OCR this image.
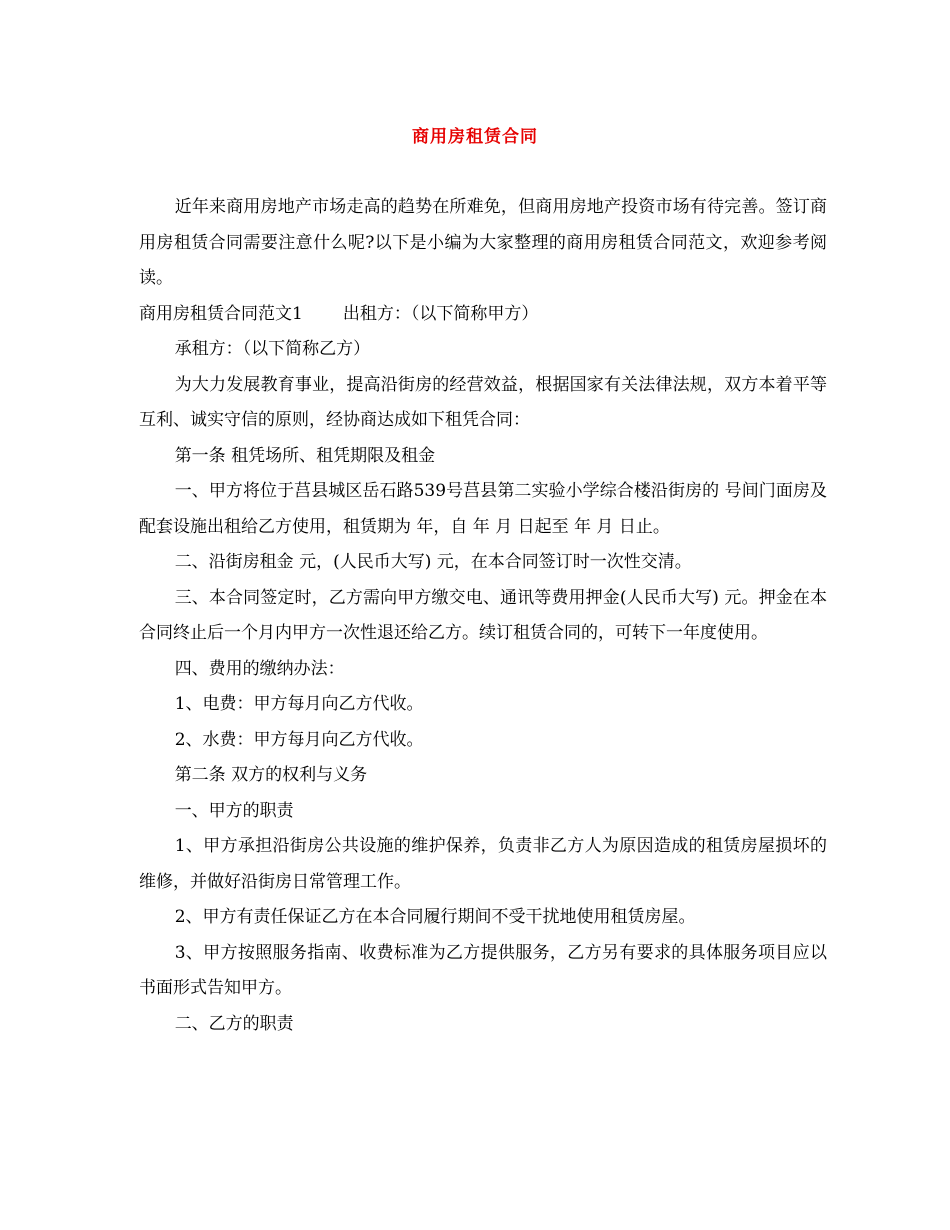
商用房租赁合同

近年来商用房地产市场走高的趋势在所难免，但商用房地产投资市场有待完善。签订商用房租赁合同需要注意什么呢?以下是小编为大家整理的商用房租赁合同范文，欢迎参考阅读。

商用房租赁合同范文1 出租方：（以下简称甲方）

承租方：（以下简称乙方）

为大力发展教育事业，提高沿街房的经营效益，根据国家有关法律法规，双方本着平等互利、诚实守信的原则，经协商达成如下租凭合同：

第一条 租凭场所、租凭期限及租金

一、甲方将位于莒县城区岳石路539号莒县第二实验小学综合楼沿街房的 号间门面房及配套设施出租给乙方使用，租赁期为 年，自 年 月 日起至 年 月 日止。

二、沿街房租金 元，(人民币大写) 元，在本合同签订时一次性交清。

三、本合同签定时，乙方需向甲方缴交电、通讯等费用押金(人民币大写) 元。押金在本合同终止后一个月内甲方一次性退还给乙方。续订租赁合同的，可转下一年度使用。

四、费用的缴纳办法：

1、电费：甲方每月向乙方代收。

2、水费：甲方每月向乙方代收。

第二条 双方的权利与义务

一、甲方的职责

1、甲方承担沿街房公共设施的维护保养，负责非乙方人为原因造成的租赁房屋损坏的维修，并做好沿街房日常管理工作。

2、甲方有责任保证乙方在本合同履行期间不受干扰地使用租赁房屋。

3、甲方按照服务指南、收费标准为乙方提供服务，乙方另有要求的具体服务项目应以书面形式告知甲方。

二、乙方的职责
